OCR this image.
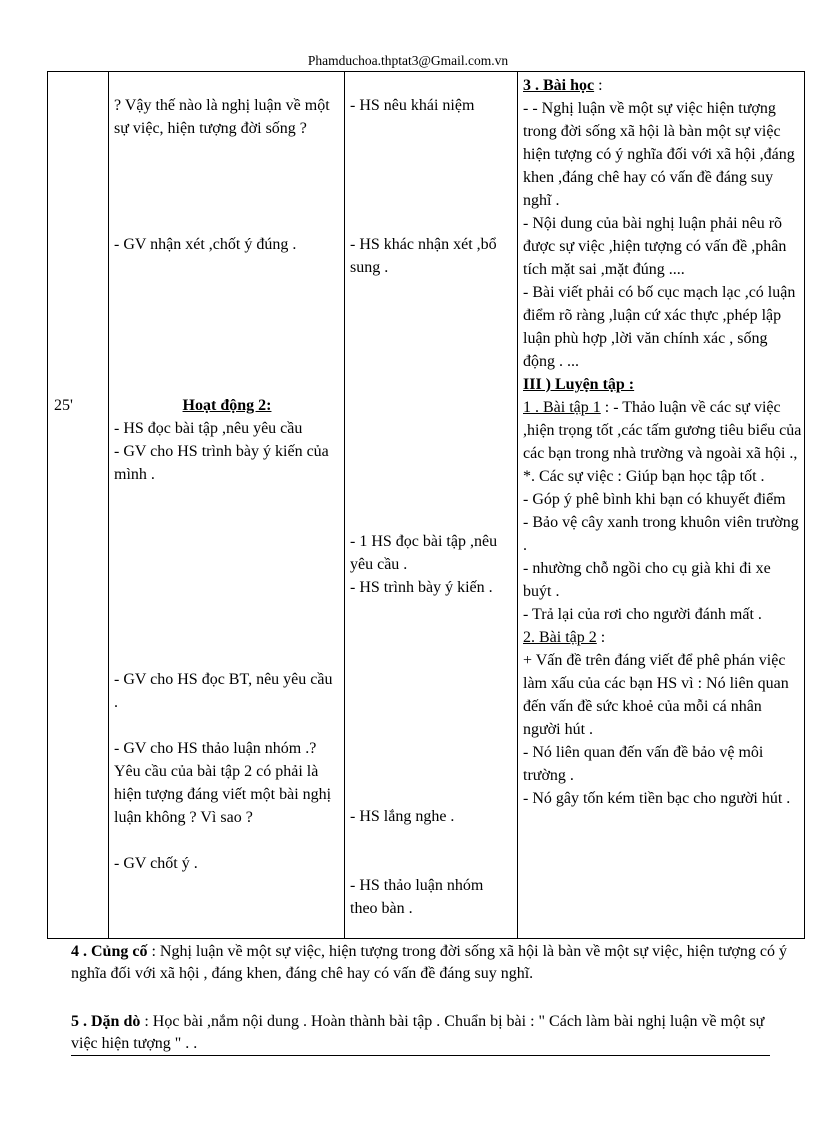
Phamduchoa.thptat3@Gmail.com.vn
25'
? Vậy thế nào là nghị luận về một sự việc, hiện tượng đời sống ?
- GV nhận xét ,chốt ý đúng .
Hoạt động 2:
- HS đọc bài tập ,nêu yêu cầu
- GV cho HS trình bày ý kiến của mình .
- GV cho HS đọc BT, nêu yêu cầu .
- GV cho HS thảo luận nhóm .? Yêu cầu của bài tập 2 có phải là hiện tượng đáng viết một bài nghị luận không ? Vì sao ?
- GV chốt ý .
- HS nêu khái niệm
- HS khác nhận xét ,bổ sung .
- 1 HS đọc bài tập ,nêu yêu cầu .
- HS trình bày ý kiến .
- HS lắng nghe .
- HS thảo luận nhóm theo bàn .

3 . Bài học :

- - Nghị luận về một sự việc hiện tượng trong đời sống xã hội là bàn một sự việc hiện tượng có ý nghĩa đối với xã hội ,đáng khen ,đáng chê hay có vấn đề đáng suy nghĩ .

- Nội dung của bài nghị luận phải nêu rõ được sự việc ,hiện tượng có vấn đề ,phân tích mặt sai ,mặt đúng ....

- Bài viết phải có bố cục mạch lạc ,có luận điểm rõ ràng ,luận cứ xác thực ,phép lập luận phù hợp ,lời văn chính xác , sống động . ...

III ) Luyện tập :

1 . Bài tập 1 : - Thảo luận về các sự việc ,hiện trọng tốt ,các tấm gương tiêu biểu của các bạn trong nhà trường và ngoài xã hội .,

*. Các sự việc : Giúp bạn học tập tốt .

- Góp ý phê bình khi bạn có khuyết điểm

- Bảo vệ cây xanh trong khuôn viên trường .

- nhường chỗ ngồi cho cụ già khi đi xe buýt .

- Trả lại của rơi cho người đánh mất .

2. Bài tập 2 :

+ Vấn đề trên đáng viết để phê phán việc làm xấu của các bạn HS vì : Nó liên quan đến vấn đề sức khoẻ của mỗi cá nhân người hút .

- Nó liên quan đến vấn đề bảo vệ môi trường .

- Nó gây tốn kém tiền bạc cho người hút .

4 . Củng cố : Nghị luận về một sự việc, hiện tượng trong đời sống xã hội là bàn về một sự việc, hiện tượng có ý nghĩa đối với xã hội , đáng khen, đáng chê hay có vấn đề đáng suy nghĩ.
5 . Dặn dò : Học bài ,nắm nội dung . Hoàn thành bài tập . Chuẩn bị bài : " Cách làm bài nghị luận về một sự việc hiện tượng " . .
